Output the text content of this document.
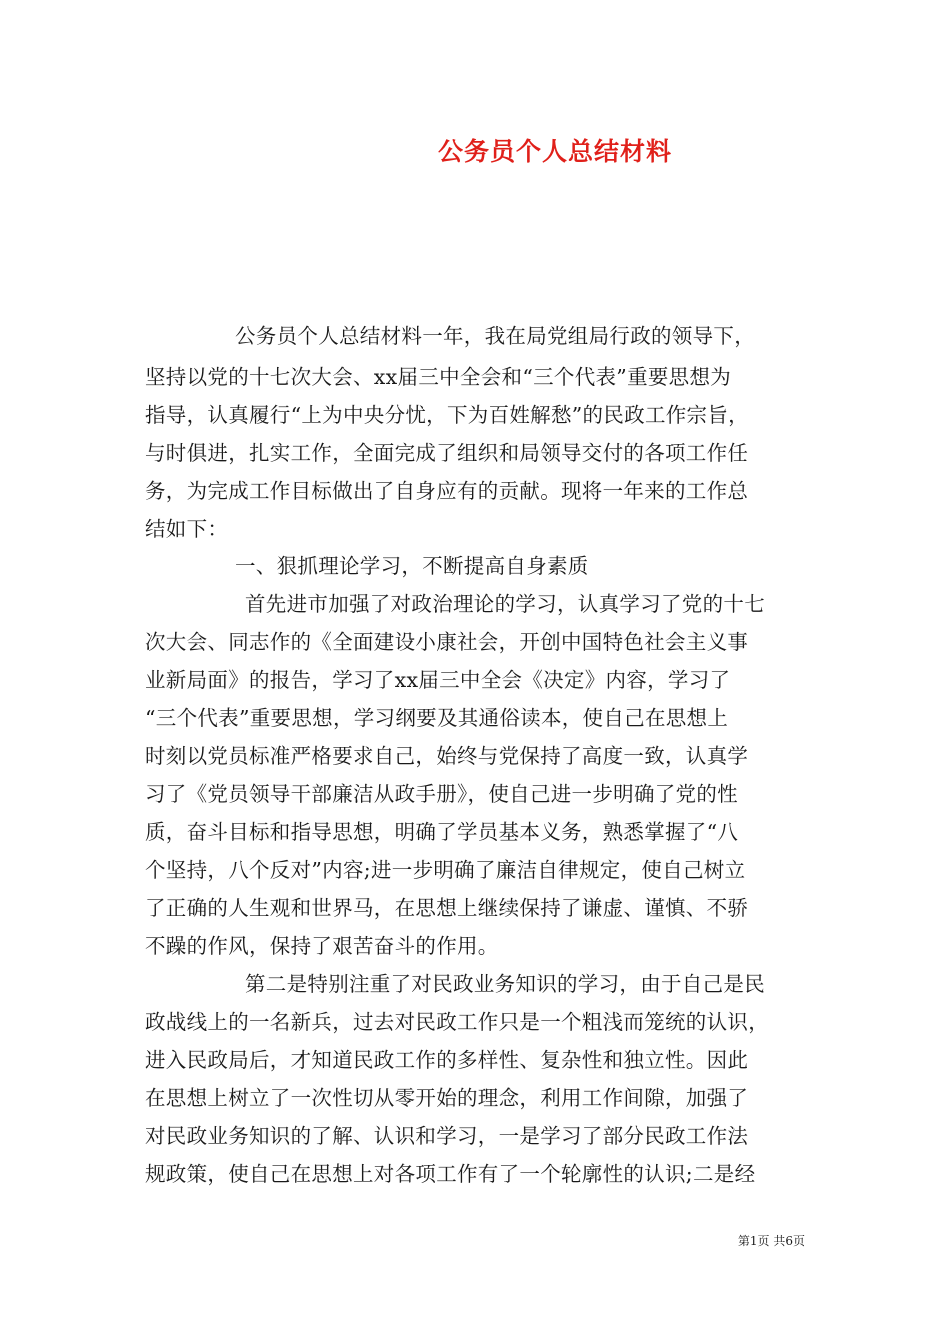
公务员个人总结材料
公务员个人总结材料一年，我在局党组局行政的领导下，
坚持以党的十七次大会、xx届三中全会和“三个代表”重要思想为
指导，认真履行“上为中央分忧，下为百姓解愁”的民政工作宗旨，
与时俱进，扎实工作，全面完成了组织和局领导交付的各项工作任
务，为完成工作目标做出了自身应有的贡献。现将一年来的工作总
结如下：
一、狠抓理论学习，不断提高自身素质
首先进市加强了对政治理论的学习，认真学习了党的十七
次大会、同志作的《全面建设小康社会，开创中国特色社会主义事
业新局面》的报告，学习了xx届三中全会《决定》内容，学习了
“三个代表”重要思想，学习纲要及其通俗读本，使自己在思想上
时刻以党员标准严格要求自己，始终与党保持了高度一致，认真学
习了《党员领导干部廉洁从政手册》，使自己进一步明确了党的性
质，奋斗目标和指导思想，明确了学员基本义务，熟悉掌握了“八
个坚持，八个反对”内容;进一步明确了廉洁自律规定，使自己树立
了正确的人生观和世界马，在思想上继续保持了谦虚、谨慎、不骄
不躁的作风，保持了艰苦奋斗的作用。
第二是特别注重了对民政业务知识的学习，由于自己是民
政战线上的一名新兵，过去对民政工作只是一个粗浅而笼统的认识，
进入民政局后，才知道民政工作的多样性、复杂性和独立性。因此
在思想上树立了一次性切从零开始的理念，利用工作间隙，加强了
对民政业务知识的了解、认识和学习，一是学习了部分民政工作法
规政策，使自己在思想上对各项工作有了一个轮廓性的认识;二是经
第1页 共6页
